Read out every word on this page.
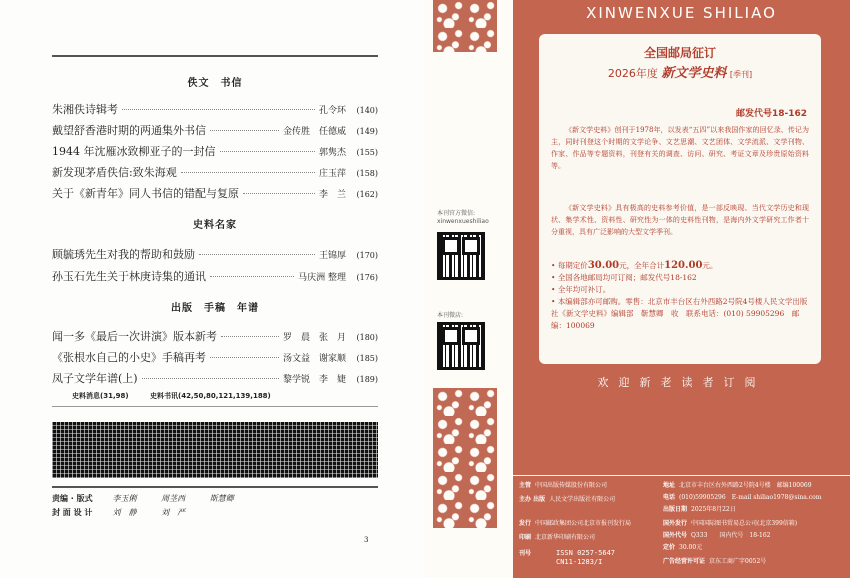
佚文　书信
朱湘佚诗辑考	孔令环	(140)
戴望舒香港时期的两通集外书信	金传胜　任德威	(149)
1944 年沈雁冰致柳亚子的一封信	郭隽杰	(155)
新发现茅盾佚信:致朱海观	庄玉萍	(158)
关于《新青年》同人书信的错配与复原	李　兰	(162)
史料名家
顾毓琇先生对我的帮助和鼓励	王锦厚	(170)
孙玉石先生关于林庚诗集的通讯	马庆洲 整理	(176)
出版　手稿　年谱
闻一多《最后一次讲演》版本新考	罗　晨　张　月	(180)
《张根水自己的小史》手稿再考	汤文益　谢家顺	(185)
凤子文学年谱(上)	黎学锐　李　婕	(189)
史料消息(31,98)	史料书讯(42,50,80,121,139,188)
责编 · 版式 李玉俐	周茎西	斯慧卿
封 面 设 计	刘　静	刘　严
3
本刊官方微信:
xinwenxueshiliao
本刊微店:
XINWENXUE SHILIAO
全国邮局征订
2026年度 新文学史料 [季刊]
邮发代号18-162
《新文学史料》创刊于1978年，以发表“五四”以来我国作家的回忆录、传记为主，同时刊登这个时期的文学论争、文艺思潮、文艺团体、文学流派、文学刊物、作家、作品等专题资料，刊登有关的调查、访问、研究、考证文章及珍贵原始资料等。
《新文学史料》具有极高的史料参考价值，是一部反映现、当代文学历史和现状、集学术性、资料性、研究性为一体的史料性刊物，是海内外文学研究工作者十分重视，具有广泛影响的大型文学季刊。
• 每期定价30.00元，全年合计120.00元。
• 全国各地邮局均可订阅；邮发代号18-162
• 全年均可补订。
• 本编辑部亦可邮购。零售：北京市丰台区右外西路2号院4号楼人民文学出版社《新文学史料》编辑部　靳慧卿　收　联系电话：(010) 59905296　邮编：100069
欢迎新老读者订阅
主管 中国出版传媒股份有限公司
主办 出版 人民文学出版社有限公司
发行 中国邮政集团公司北京市报刊发行局
印刷 北京新华印刷有限公司
刊号	ISSN 0257-5647
CN11-1283/I
地址 北京市丰台区右外西路2号院4号楼　邮编100069
电话 (010)59905296　E-mail shiliao1978@sina.com
出版日期 2025年8月22日
国外发行 中国国际图书贸易总公司(北京399信箱)
国外代号 Q333　　国内代号　18-162
定价 30.00元
广告经营许可证 京东工商广字0052号
